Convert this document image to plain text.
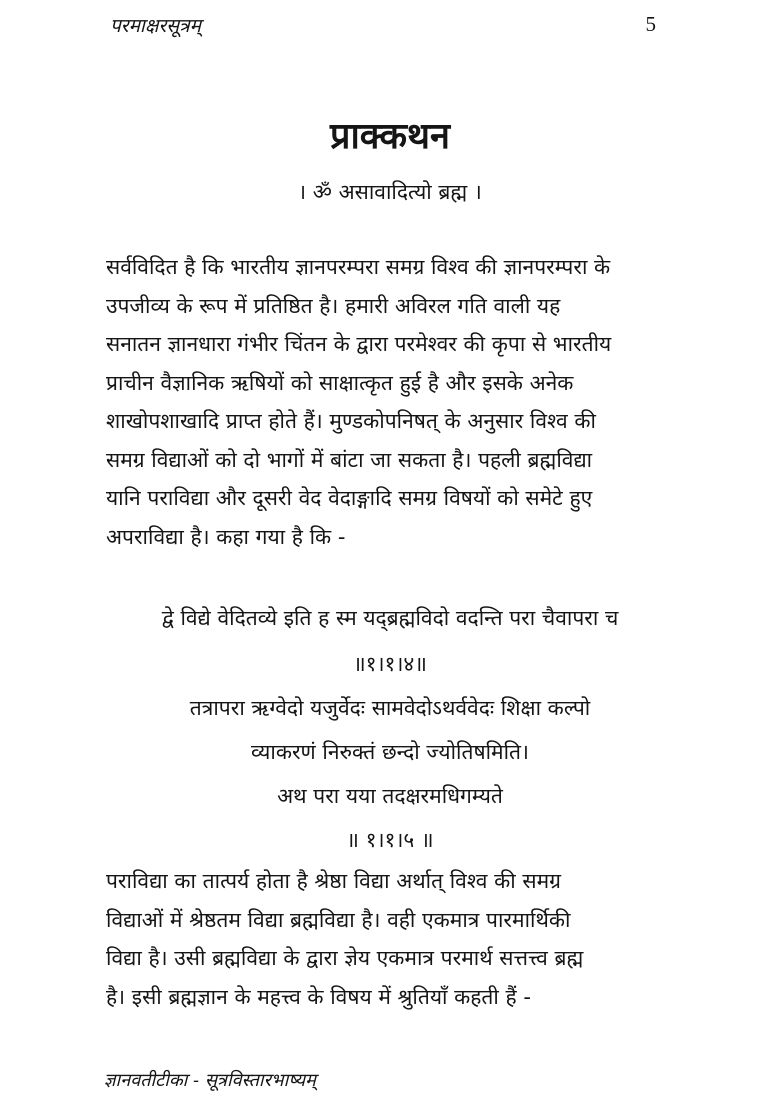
परमाक्षरसूत्रम्	5
प्राक्कथन
। ॐ असावादित्यो ब्रह्म ।
सर्वविदित है कि भारतीय ज्ञानपरम्परा समग्र विश्व की ज्ञानपरम्परा के
उपजीव्य के रूप में प्रतिष्ठित है। हमारी अविरल गति वाली यह
सनातन ज्ञानधारा गंभीर चिंतन के द्वारा परमेश्वर की कृपा से भारतीय
प्राचीन वैज्ञानिक ऋषियों को साक्षात्कृत हुई है और इसके अनेक
शाखोपशाखादि प्राप्त होते हैं। मुण्डकोपनिषत् के अनुसार विश्व की
समग्र विद्याओं को दो भागों में बांटा जा सकता है। पहली ब्रह्मविद्या
यानि पराविद्या और दूसरी वेद वेदाङ्गादि समग्र विषयों को समेटे हुए
अपराविद्या है। कहा गया है कि -
द्वे विद्ये वेदितव्ये इति ह स्म यद्ब्रह्मविदो वदन्ति परा चैवापरा च
॥१।१।४॥
तत्रापरा ऋग्वेदो यजुर्वेदः सामवेदोऽथर्ववेदः शिक्षा कल्पो
व्याकरणं निरुक्तं छन्दो ज्योतिषमिति।
अथ परा यया तदक्षरमधिगम्यते
॥ १।१।५ ॥
पराविद्या का तात्पर्य होता है श्रेष्ठा विद्या अर्थात् विश्व की समग्र
विद्याओं में श्रेष्ठतम विद्या ब्रह्मविद्या है। वही एकमात्र पारमार्थिकी
विद्या है। उसी ब्रह्मविद्या के द्वारा ज्ञेय एकमात्र परमार्थ सत्तत्त्व ब्रह्म
है। इसी ब्रह्मज्ञान के महत्त्व के विषय में श्रुतियाँ कहती हैं -
ज्ञानवतीटीका - सूत्रविस्तारभाष्यम्
